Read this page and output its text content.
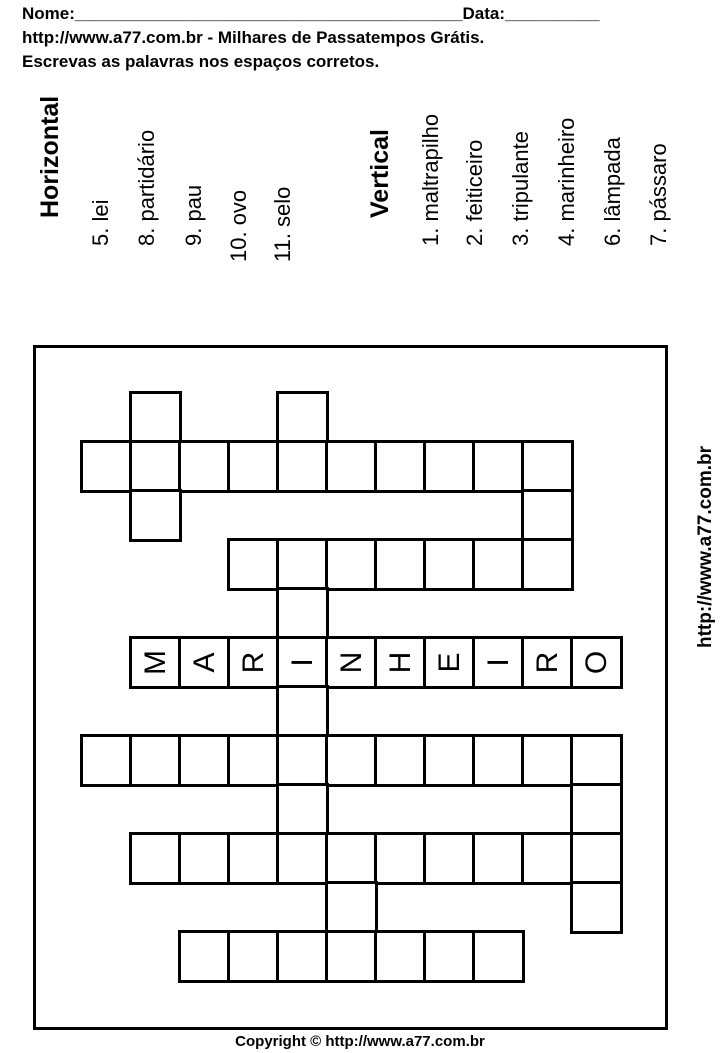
Nome:_________________________________________Data:__________
http://www.a77.com.br - Milhares de Passatempos Grátis.
Escrevas as palavras nos espaços corretos.
Horizontal
5. lei 8. partidário 9. pau 10. ovo 11. selo
Vertical 1. maltrapilho 2. feiticeiro 3. tripulante 4. marinheiro 6. lâmpada 7. pássaro
http://www.a77.com.br
M A R I N H E I R O
Copyright © http://www.a77.com.br
